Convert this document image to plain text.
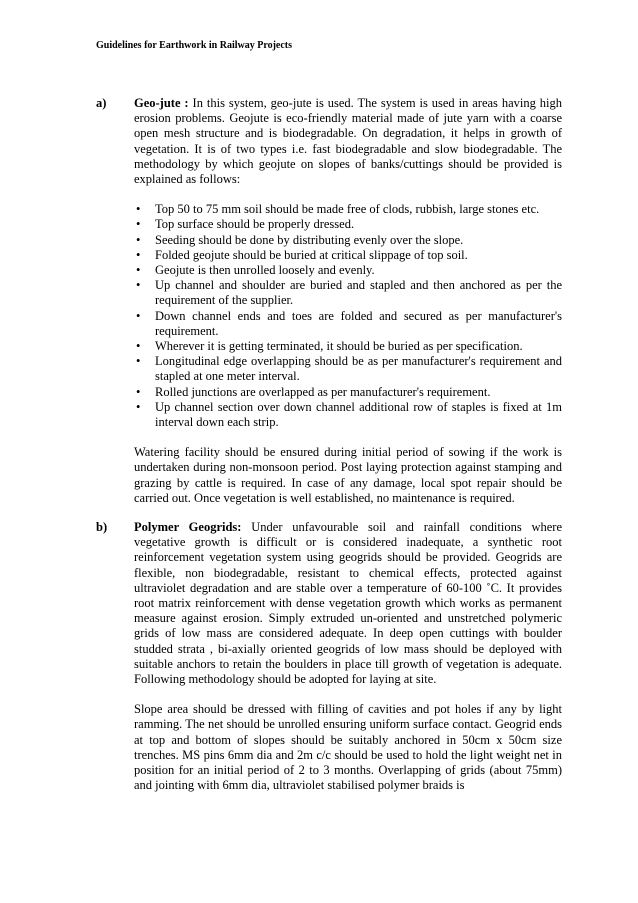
Guidelines for Earthwork in Railway Projects
a) Geo-jute : In this system, geo-jute is used. The system is used in areas having high erosion problems. Geojute is eco-friendly material made of jute yarn with a coarse open mesh structure and is biodegradable. On degradation, it helps in growth of vegetation. It is of two types i.e. fast biodegradable and slow biodegradable. The methodology by which geojute on slopes of banks/cuttings should be provided is explained as follows:

• Top 50 to 75 mm soil should be made free of clods, rubbish, large stones etc.
• Top surface should be properly dressed.
• Seeding should be done by distributing evenly over the slope.
• Folded geojute should be buried at critical slippage of top soil.
• Geojute is then unrolled loosely and evenly.
• Up channel and shoulder are buried and stapled and then anchored as per the requirement of the supplier.
• Down channel ends and toes are folded and secured as per manufacturer's requirement.
• Wherever it is getting terminated, it should be buried as per specification.
• Longitudinal edge overlapping should be as per manufacturer's requirement and stapled at one meter interval.
• Rolled junctions are overlapped as per manufacturer's requirement.
• Up channel section over down channel additional row of staples is fixed at 1m interval down each strip.

Watering facility should be ensured during initial period of sowing if the work is undertaken during non-monsoon period. Post laying protection against stamping and grazing by cattle is required. In case of any damage, local spot repair should be carried out. Once vegetation is well established, no maintenance is required.

b) Polymer Geogrids: Under unfavourable soil and rainfall conditions where vegetative growth is difficult or is considered inadequate, a synthetic root reinforcement vegetation system using geogrids should be provided. Geogrids are flexible, non biodegradable, resistant to chemical effects, protected against ultraviolet degradation and are stable over a temperature of 60-100 ˚C. It provides root matrix reinforcement with dense vegetation growth which works as permanent measure against erosion. Simply extruded un-oriented and unstretched polymeric grids of low mass are considered adequate. In deep open cuttings with boulder studded strata , bi-axially oriented geogrids of low mass should be deployed with suitable anchors to retain the boulders in place till growth of vegetation is adequate. Following methodology should be adopted for laying at site.

Slope area should be dressed with filling of cavities and pot holes if any by light ramming. The net should be unrolled ensuring uniform surface contact. Geogrid ends at top and bottom of slopes should be suitably anchored in 50cm x 50cm size trenches. MS pins 6mm dia and 2m c/c should be used to hold the light weight net in position for an initial period of 2 to 3 months. Overlapping of grids (about 75mm) and jointing with 6mm dia, ultraviolet stabilised polymer braids is
